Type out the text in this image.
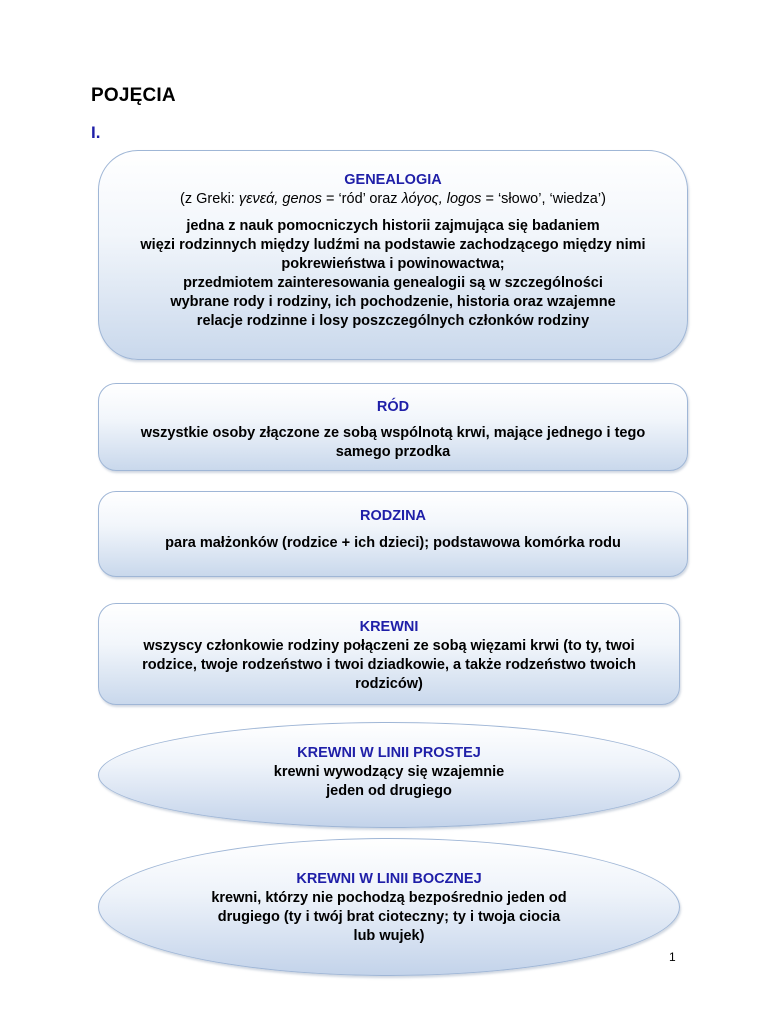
POJĘCIA
I.
GENEALOGIA
(z Greki: γενεά, genos = ‘ród’ oraz λόγος, logos = ‘słowo’, ‘wiedza’)
jedna z nauk pomocniczych historii zajmująca się badaniem
więzi rodzinnych między ludźmi na podstawie zachodzącego między nimi
pokrewieństwa i powinowactwa;
przedmiotem zainteresowania genealogii są w szczególności
wybrane rody i rodziny, ich pochodzenie, historia oraz wzajemne
relacje rodzinne i losy poszczególnych członków rodziny
RÓD
wszystkie osoby złączone ze sobą wspólnotą krwi, mające jednego i tego
samego przodka
RODZINA
para małżonków (rodzice + ich dzieci); podstawowa komórka rodu
KREWNI
wszyscy członkowie rodziny połączeni ze sobą więzami krwi (to ty, twoi
rodzice, twoje rodzeństwo i twoi dziadkowie, a także rodzeństwo twoich
rodziców)
KREWNI W LINII PROSTEJ
krewni wywodzący się wzajemnie
jeden od drugiego
KREWNI W LINII BOCZNEJ
krewni, którzy nie pochodzą bezpośrednio jeden od
drugiego (ty i twój brat cioteczny; ty i twoja ciocia
lub wujek)
1
